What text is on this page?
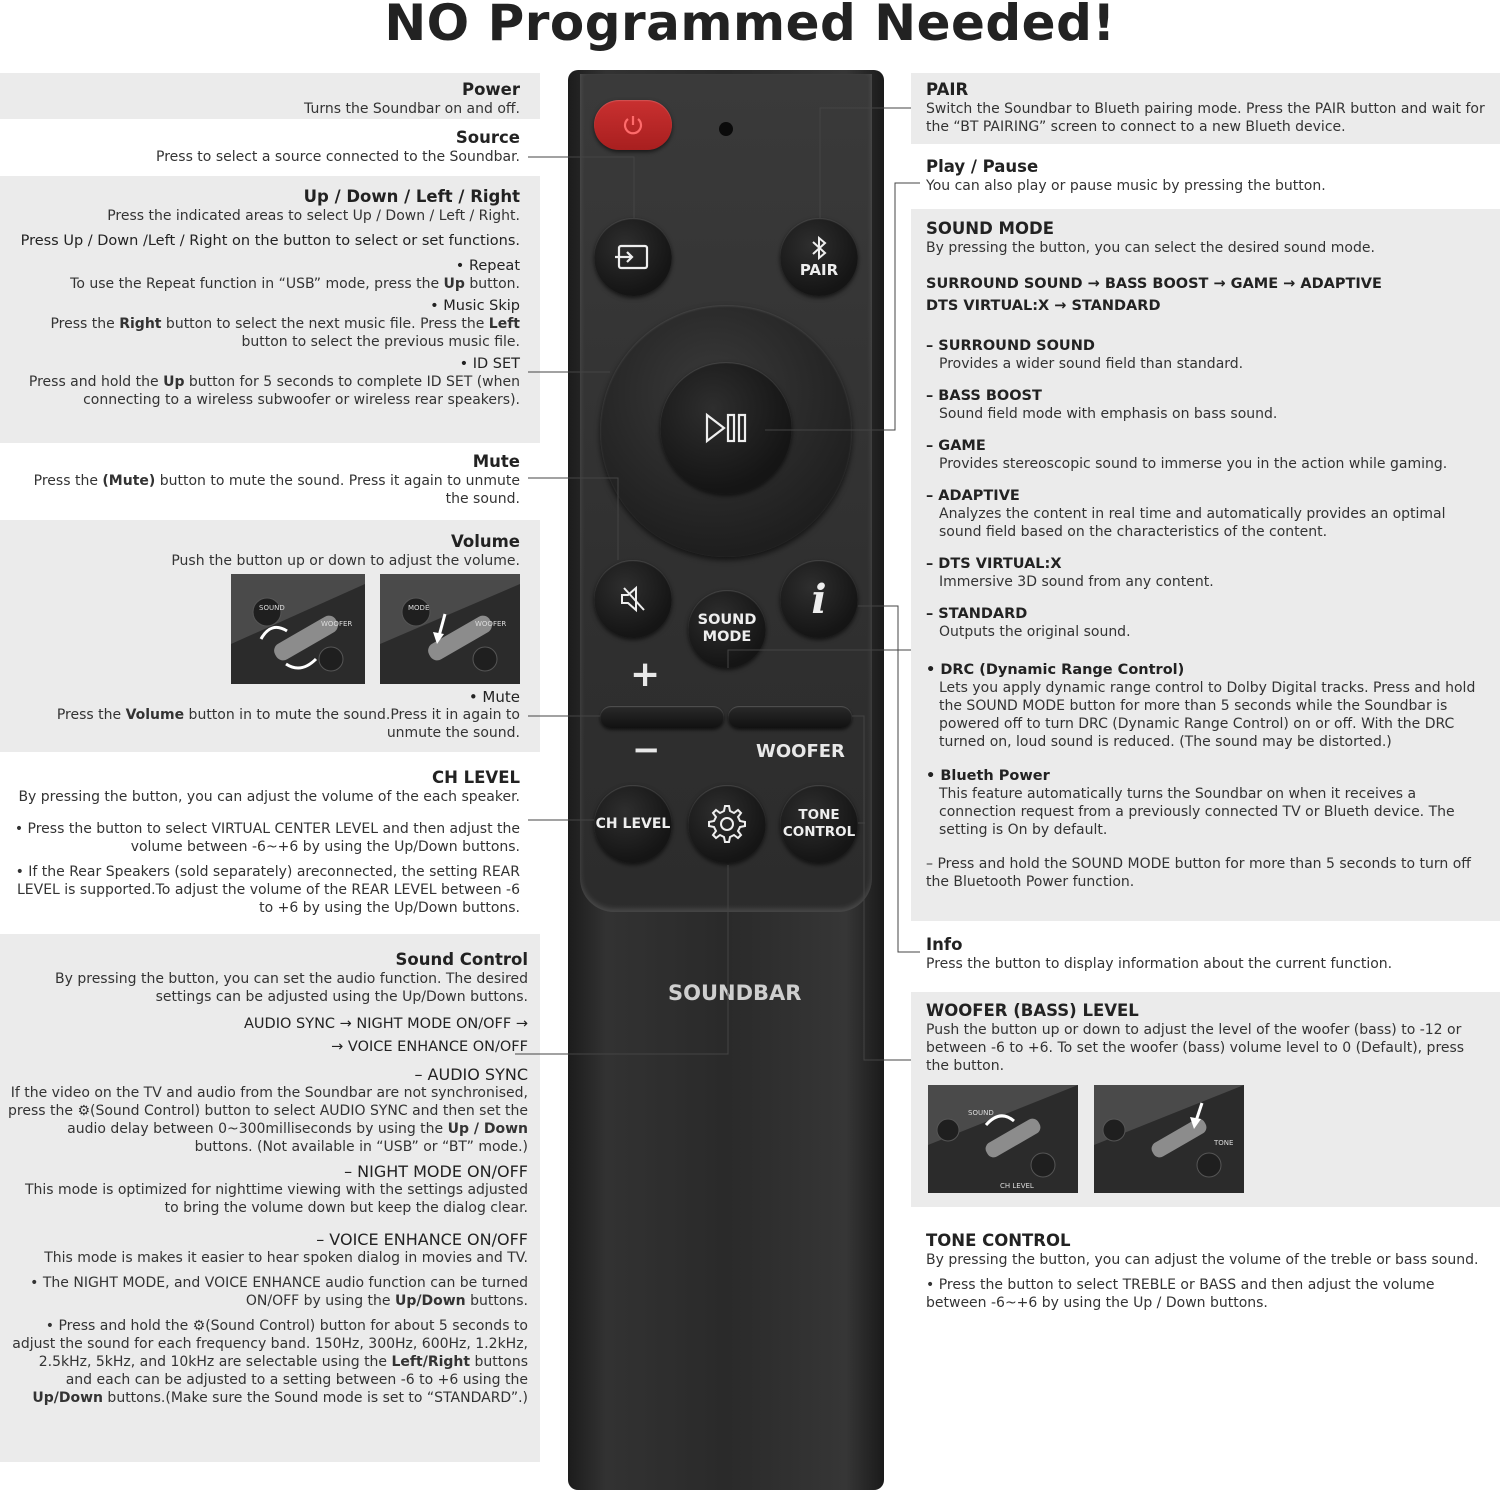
NO Programmed Needed!
Power
Turns the Soundbar on and off.
Source
Press to select a source connected to the Soundbar.
Up / Down / Left / Right
Press the indicated areas to select Up / Down / Left / Right.
Press Up / Down /Left / Right on the button to select or set functions.
• Repeat
To use the Repeat function in “USB” mode, press the Up button.
• Music Skip
Press the Right button to select the next music file. Press the Left button to select the previous music file.
• ID SET
Press and hold the Up button for 5 seconds to complete ID SET (when connecting to a wireless subwoofer or wireless rear speakers).
Mute
Press the (Mute) button to mute the sound. Press it again to unmute the sound.
Volume
Push the button up or down to adjust the volume.
SOUND
WOOFER
MODE
WOOFER
• Mute
Press the Volume button in to mute the sound.Press it in again to unmute the sound.
CH LEVEL
By pressing the button, you can adjust the volume of the each speaker.
• Press the button to select VIRTUAL CENTER LEVEL and then adjust the volume between -6~+6 by using the Up/Down buttons.
• If the Rear Speakers (sold separately) areconnected, the setting REAR LEVEL is supported.To adjust the volume of the REAR LEVEL between -6 to +6 by using the Up/Down buttons.
Sound Control
By pressing the button, you can set the audio function. The desired settings can be adjusted using the Up/Down buttons.
AUDIO SYNC → NIGHT MODE ON/OFF →
→ VOICE ENHANCE ON/OFF
– AUDIO SYNC
If the video on the TV and audio from the Soundbar are not synchronised, press the ⚙(Sound Control) button to select AUDIO SYNC and then set the audio delay between 0~300milliseconds by using the Up / Down buttons. (Not available in “USB” or “BT” mode.)
– NIGHT MODE ON/OFF
This mode is optimized for nighttime viewing with the settings adjusted to bring the volume down but keep the dialog clear.
– VOICE ENHANCE ON/OFF
This mode is makes it easier to hear spoken dialog in movies and TV.
• The NIGHT MODE, and VOICE ENHANCE audio function can be turned ON/OFF by using the Up/Down buttons.
• Press and hold the ⚙(Sound Control) button for about 5 seconds to adjust the sound for each frequency band. 150Hz, 300Hz, 600Hz, 1.2kHz, 2.5kHz, 5kHz, and 10kHz are selectable using the Left/Right buttons and each can be adjusted to a setting between -6 to +6 using the Up/Down buttons.(Make sure the Sound mode is set to “STANDARD”.)
PAIR
Switch the Soundbar to Blueth pairing mode. Press the PAIR button and wait for the “BT PAIRING” screen to connect to a new Blueth device.
Play / Pause
You can also play or pause music by pressing the button.
SOUND MODE
By pressing the button, you can select the desired sound mode.
SURROUND SOUND → BASS BOOST → GAME → ADAPTIVE
DTS VIRTUAL:X → STANDARD
– SURROUND SOUND
Provides a wider sound field than standard.
– BASS BOOST
Sound field mode with emphasis on bass sound.
– GAME
Provides stereoscopic sound to immerse you in the action while gaming.
– ADAPTIVE
Analyzes the content in real time and automatically provides an optimal sound field based on the characteristics of the content.
– DTS VIRTUAL:X
Immersive 3D sound from any content.
– STANDARD
Outputs the original sound.
• DRC (Dynamic Range Control)
Lets you apply dynamic range control to Dolby Digital tracks. Press and hold the SOUND MODE button for more than 5 seconds while the Soundbar is powered off to turn DRC (Dynamic Range Control) on or off. With the DRC turned on, loud sound is reduced. (The sound may be distorted.)
• Blueth Power
This feature automatically turns the Soundbar on when it receives a connection request from a previously connected TV or Blueth device. The setting is On by default.
– Press and hold the SOUND MODE button for more than 5 seconds to turn off the Bluetooth Power function.
Info
Press the button to display information about the current function.
WOOFER (BASS) LEVEL
Push the button up or down to adjust the level of the woofer (bass) to -12 or between -6 to +6. To set the woofer (bass) volume level to 0 (Default), press the button.
SOUND
CH LEVEL
TONE
TONE CONTROL
By pressing the button, you can adjust the volume of the treble or bass sound.
• Press the button to select TREBLE or BASS and then adjust the volume between -6~+6 by using the Up / Down buttons.
PAIR
i
SOUND
MODE
+
−	WOOFER
CH LEVEL
TONE
CONTROL
SOUNDBAR
